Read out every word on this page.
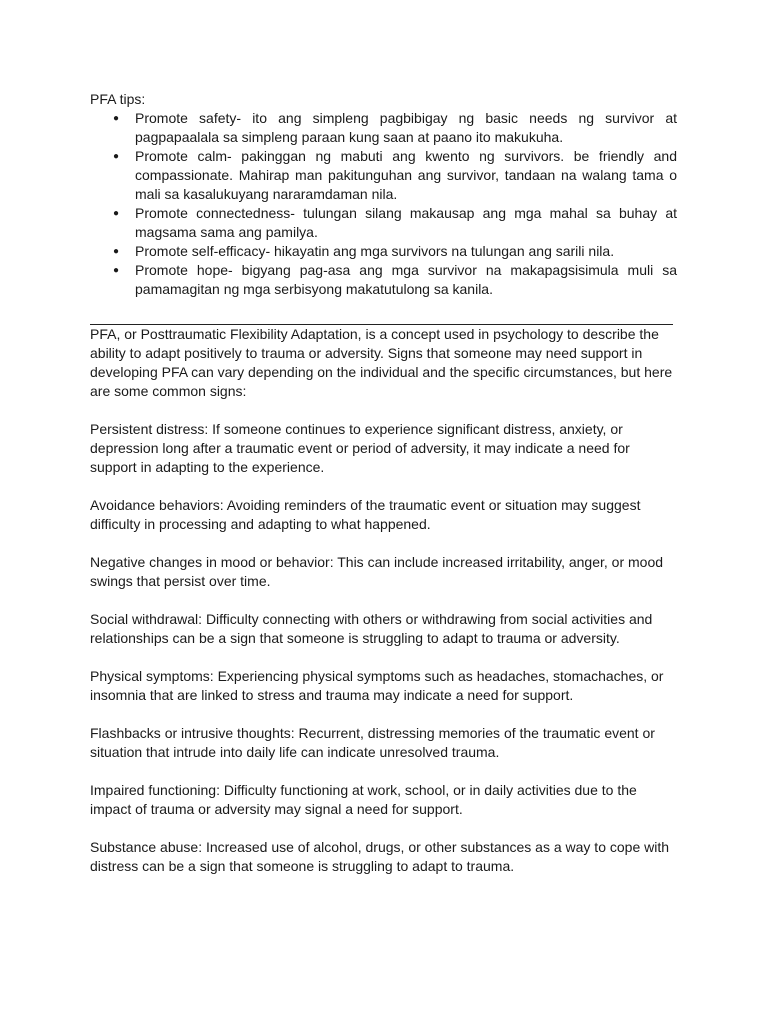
PFA tips:

● Promote safety- ito ang simpleng pagbibigay ng basic needs ng survivor at pagpapaalala sa simpleng paraan kung saan at paano ito makukuha.
● Promote calm- pakinggan ng mabuti ang kwento ng survivors. be friendly and compassionate. Mahirap man pakitunguhan ang survivor, tandaan na walang tama o mali sa kasalukuyang nararamdaman nila.
● Promote connectedness- tulungan silang makausap ang mga mahal sa buhay at magsama sama ang pamilya.
● Promote self-efficacy- hikayatin ang mga survivors na tulungan ang sarili nila.
● Promote hope- bigyang pag-asa ang mga survivor na makapagsisimula muli sa pamamagitan ng mga serbisyong makatutulong sa kanila.

PFA, or Posttraumatic Flexibility Adaptation, is a concept used in psychology to describe the ability to adapt positively to trauma or adversity. Signs that someone may need support in developing PFA can vary depending on the individual and the specific circumstances, but here are some common signs:

Persistent distress: If someone continues to experience significant distress, anxiety, or depression long after a traumatic event or period of adversity, it may indicate a need for support in adapting to the experience.

Avoidance behaviors: Avoiding reminders of the traumatic event or situation may suggest difficulty in processing and adapting to what happened.

Negative changes in mood or behavior: This can include increased irritability, anger, or mood swings that persist over time.

Social withdrawal: Difficulty connecting with others or withdrawing from social activities and relationships can be a sign that someone is struggling to adapt to trauma or adversity.

Physical symptoms: Experiencing physical symptoms such as headaches, stomachaches, or insomnia that are linked to stress and trauma may indicate a need for support.

Flashbacks or intrusive thoughts: Recurrent, distressing memories of the traumatic event or situation that intrude into daily life can indicate unresolved trauma.

Impaired functioning: Difficulty functioning at work, school, or in daily activities due to the impact of trauma or adversity may signal a need for support.

Substance abuse: Increased use of alcohol, drugs, or other substances as a way to cope with distress can be a sign that someone is struggling to adapt to trauma.
